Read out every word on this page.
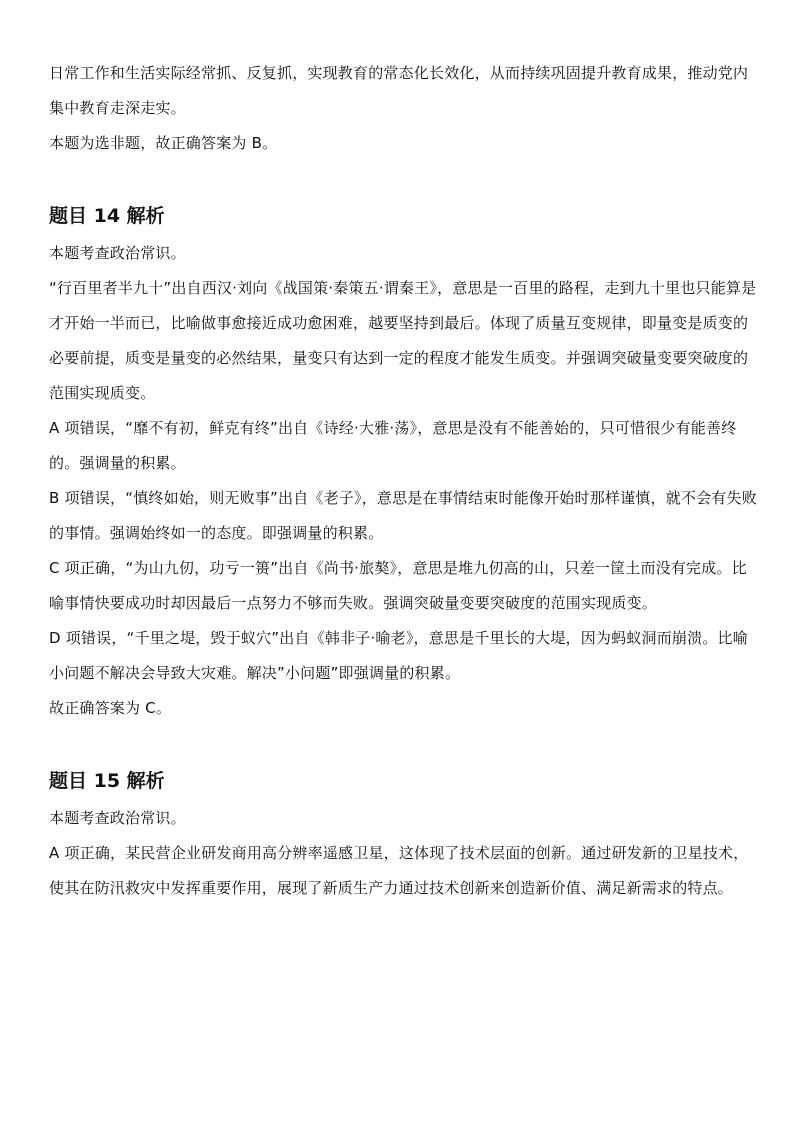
日常工作和生活实际经常抓、反复抓，实现教育的常态化长效化，从而持续巩固提升教育成果，推动党内集中教育走深走实。

本题为选非题，故正确答案为 B。

题目 14 解析

本题考查政治常识。

“行百里者半九十”出自西汉·刘向《战国策·秦策五·谓秦王》，意思是一百里的路程，走到九十里也只能算是才开始一半而已，比喻做事愈接近成功愈困难，越要坚持到最后。体现了质量互变规律，即量变是质变的必要前提，质变是量变的必然结果，量变只有达到一定的程度才能发生质变。并强调突破量变要突破度的范围实现质变。

A 项错误，“靡不有初，鲜克有终”出自《诗经·大雅·荡》，意思是没有不能善始的，只可惜很少有能善终的。强调量的积累。

B 项错误，“慎终如始，则无败事”出自《老子》，意思是在事情结束时能像开始时那样谨慎，就不会有失败的事情。强调始终如一的态度。即强调量的积累。

C 项正确，“为山九仞，功亏一篑”出自《尚书·旅獒》，意思是堆九仞高的山，只差一筐土而没有完成。比喻事情快要成功时却因最后一点努力不够而失败。强调突破量变要突破度的范围实现质变。

D 项错误，“千里之堤，毁于蚁穴”出自《韩非子·喻老》，意思是千里长的大堤，因为蚂蚁洞而崩溃。比喻小问题不解决会导致大灾难。解决”小问题”即强调量的积累。

故正确答案为 C。

题目 15 解析

本题考查政治常识。

A 项正确，某民营企业研发商用高分辨率遥感卫星，这体现了技术层面的创新。通过研发新的卫星技术，使其在防汛救灾中发挥重要作用，展现了新质生产力通过技术创新来创造新价值、满足新需求的特点。
